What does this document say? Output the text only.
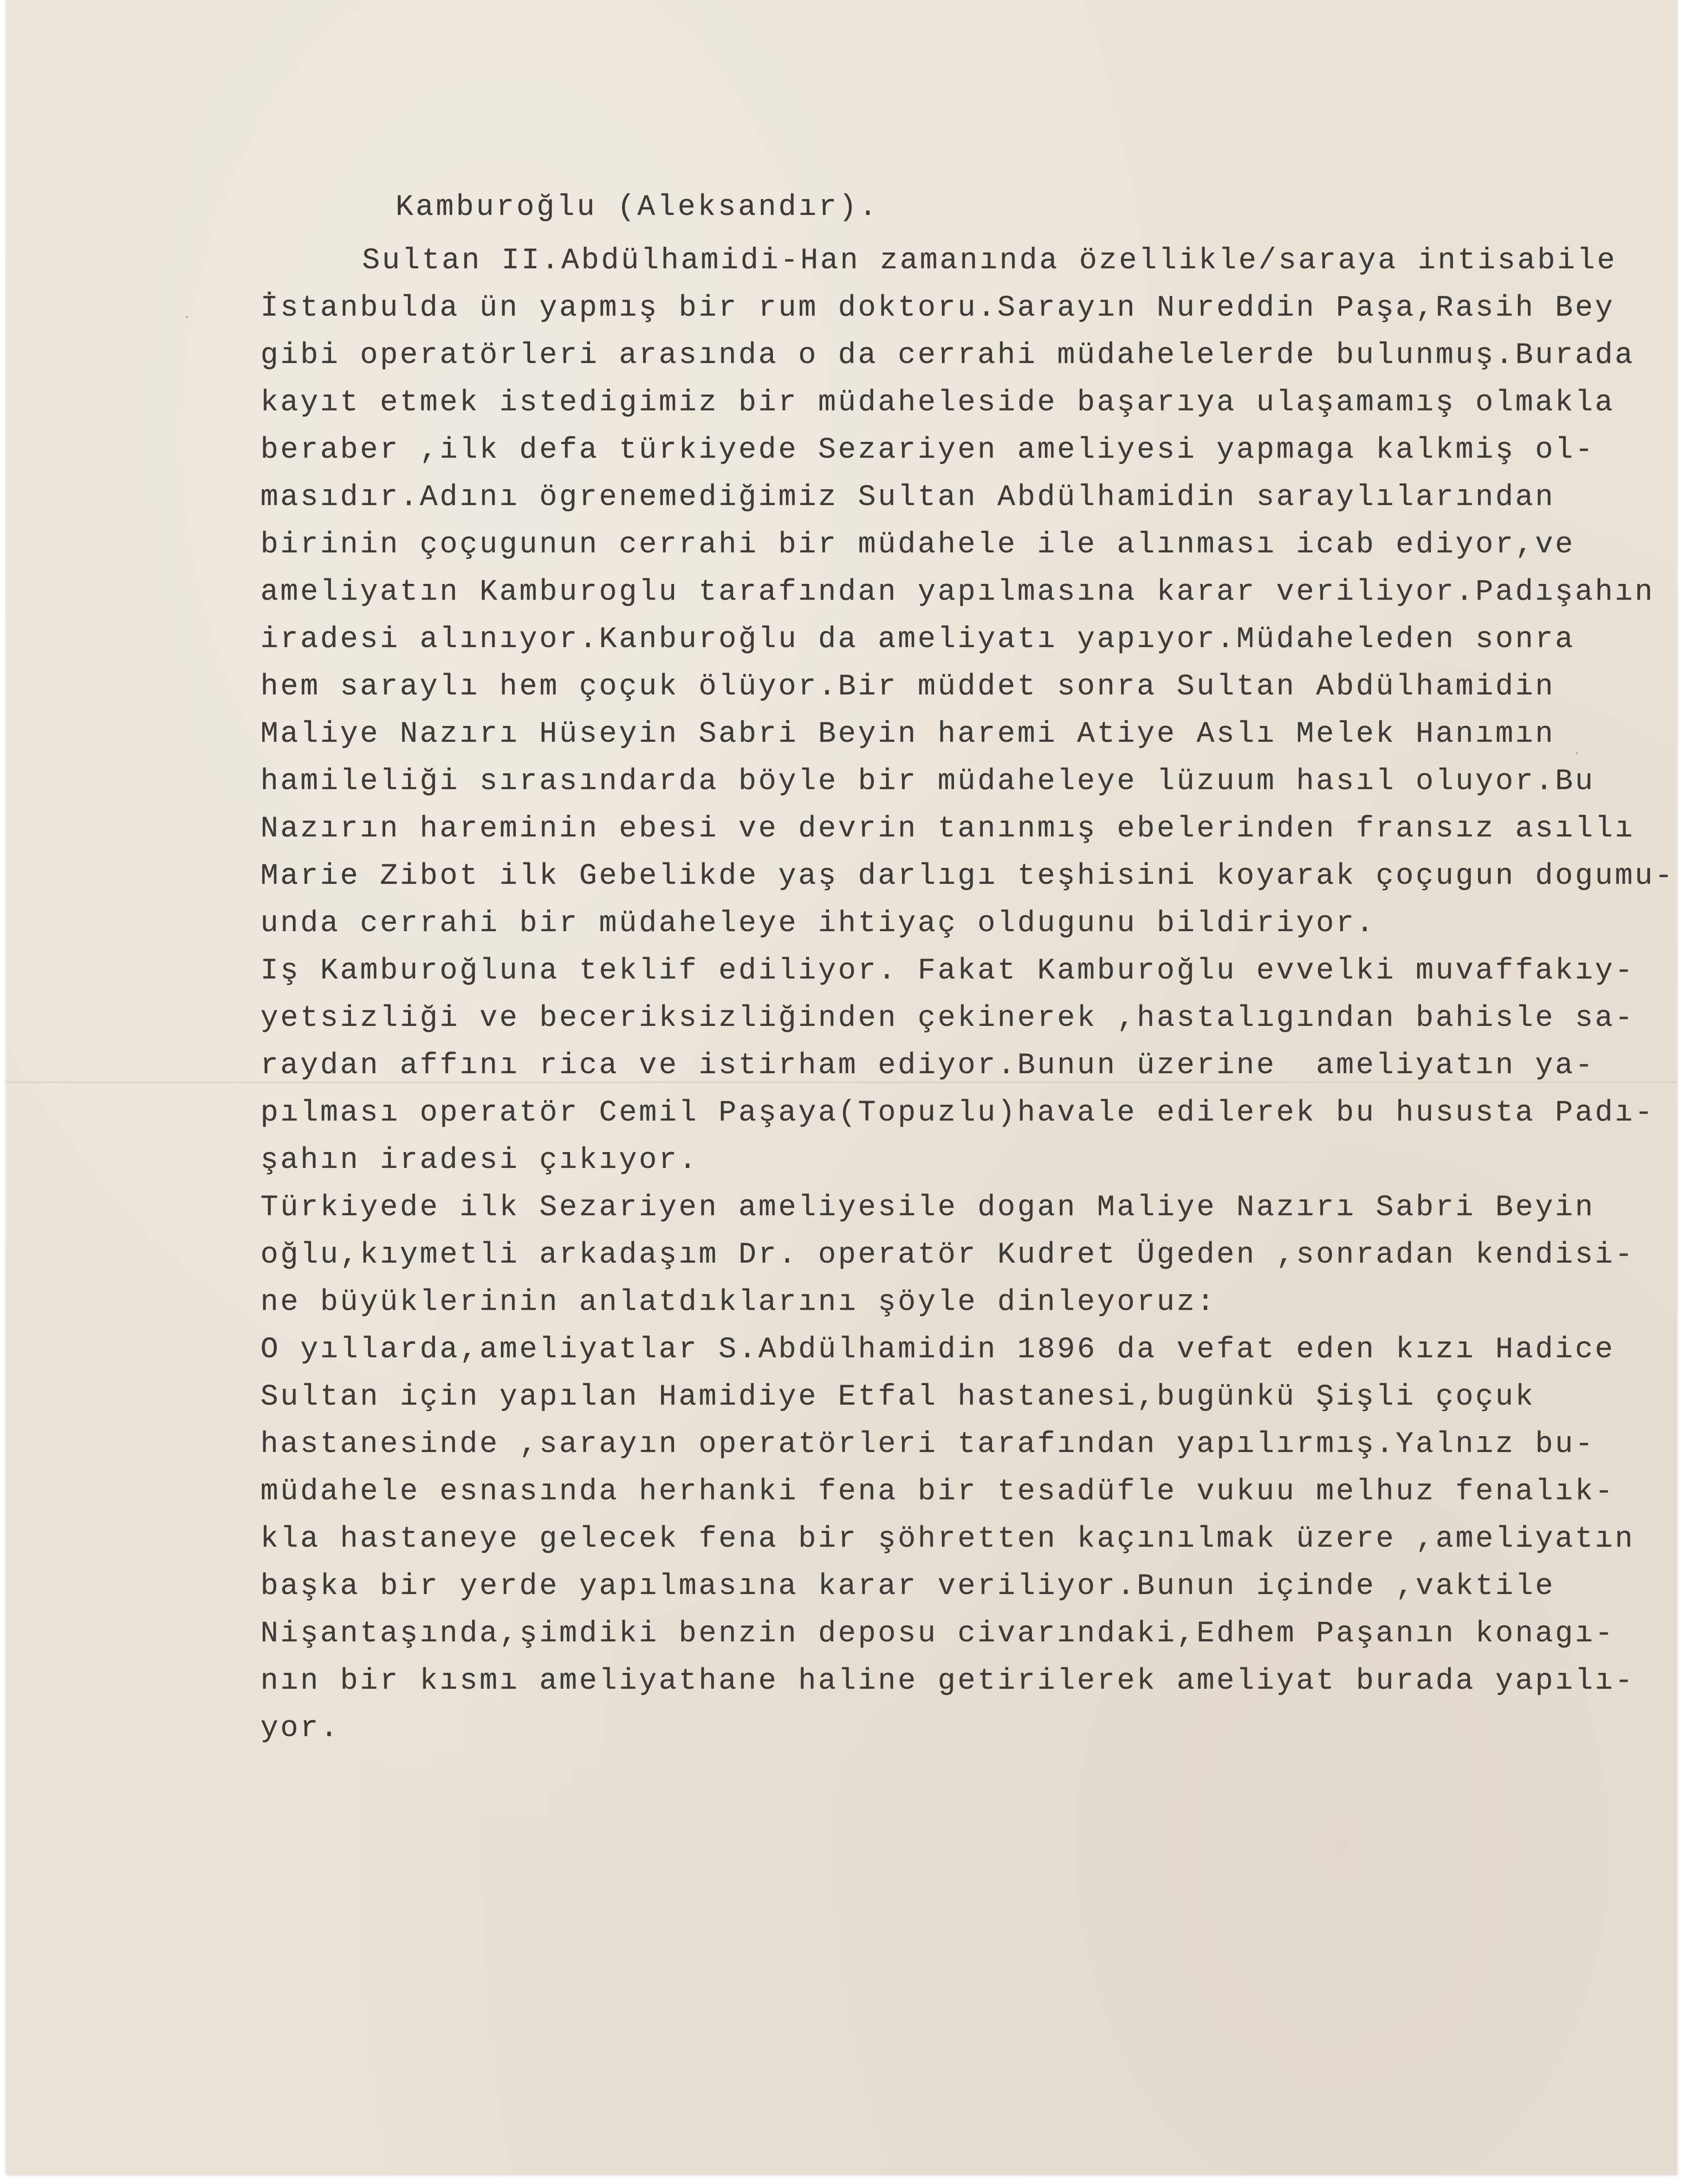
Kamburoğlu (Aleksandır).
Sultan II.Abdülhamidi-Han zamanında özellikle/saraya intisabile
İstanbulda ün yapmış bir rum doktoru.Sarayın Nureddin Paşa,Rasih Bey
gibi operatörleri arasında o da cerrahi müdahelelerde bulunmuş.Burada
kayıt etmek istedigimiz bir müdaheleside başarıya ulaşamamış olmakla
beraber ,ilk defa türkiyede Sezariyen ameliyesi yapmaga kalkmiş ol-
masıdır.Adını ögrenemediğimiz Sultan Abdülhamidin saraylılarından
birinin çoçugunun cerrahi bir müdahele ile alınması icab ediyor,ve
ameliyatın Kamburoglu tarafından yapılmasına karar veriliyor.Padışahın
iradesi alınıyor.Kanburoğlu da ameliyatı yapıyor.Müdaheleden sonra
hem saraylı hem çoçuk ölüyor.Bir müddet sonra Sultan Abdülhamidin
Maliye Nazırı Hüseyin Sabri Beyin haremi Atiye Aslı Melek Hanımın
hamileliği sırasındarda böyle bir müdaheleye lüzuum hasıl oluyor.Bu
Nazırın hareminin ebesi ve devrin tanınmış ebelerinden fransız asıllı
Marie Zibot ilk Gebelikde yaş darlıgı teşhisini koyarak çoçugun dogumu-
unda cerrahi bir müdaheleye ihtiyaç oldugunu bildiriyor.
Iş Kamburoğluna teklif ediliyor. Fakat Kamburoğlu evvelki muvaffakıy-
yetsizliği ve beceriksizliğinden çekinerek ,hastalıgından bahisle sa-
raydan affını rica ve istirham ediyor.Bunun üzerine  ameliyatın ya-
pılması operatör Cemil Paşaya(Topuzlu)havale edilerek bu hususta Padı-
şahın iradesi çıkıyor.
Türkiyede ilk Sezariyen ameliyesile dogan Maliye Nazırı Sabri Beyin
oğlu,kıymetli arkadaşım Dr. operatör Kudret Ügeden ,sonradan kendisi-
ne büyüklerinin anlatdıklarını şöyle dinleyoruz:
O yıllarda,ameliyatlar S.Abdülhamidin 1896 da vefat eden kızı Hadice
Sultan için yapılan Hamidiye Etfal hastanesi,bugünkü Şişli çoçuk
hastanesinde ,sarayın operatörleri tarafından yapılırmış.Yalnız bu-
müdahele esnasında herhanki fena bir tesadüfle vukuu melhuz fenalık-
kla hastaneye gelecek fena bir şöhretten kaçınılmak üzere ,ameliyatın
başka bir yerde yapılmasına karar veriliyor.Bunun içinde ,vaktile
Nişantaşında,şimdiki benzin deposu civarındaki,Edhem Paşanın konagı-
nın bir kısmı ameliyathane haline getirilerek ameliyat burada yapılı-
yor.
